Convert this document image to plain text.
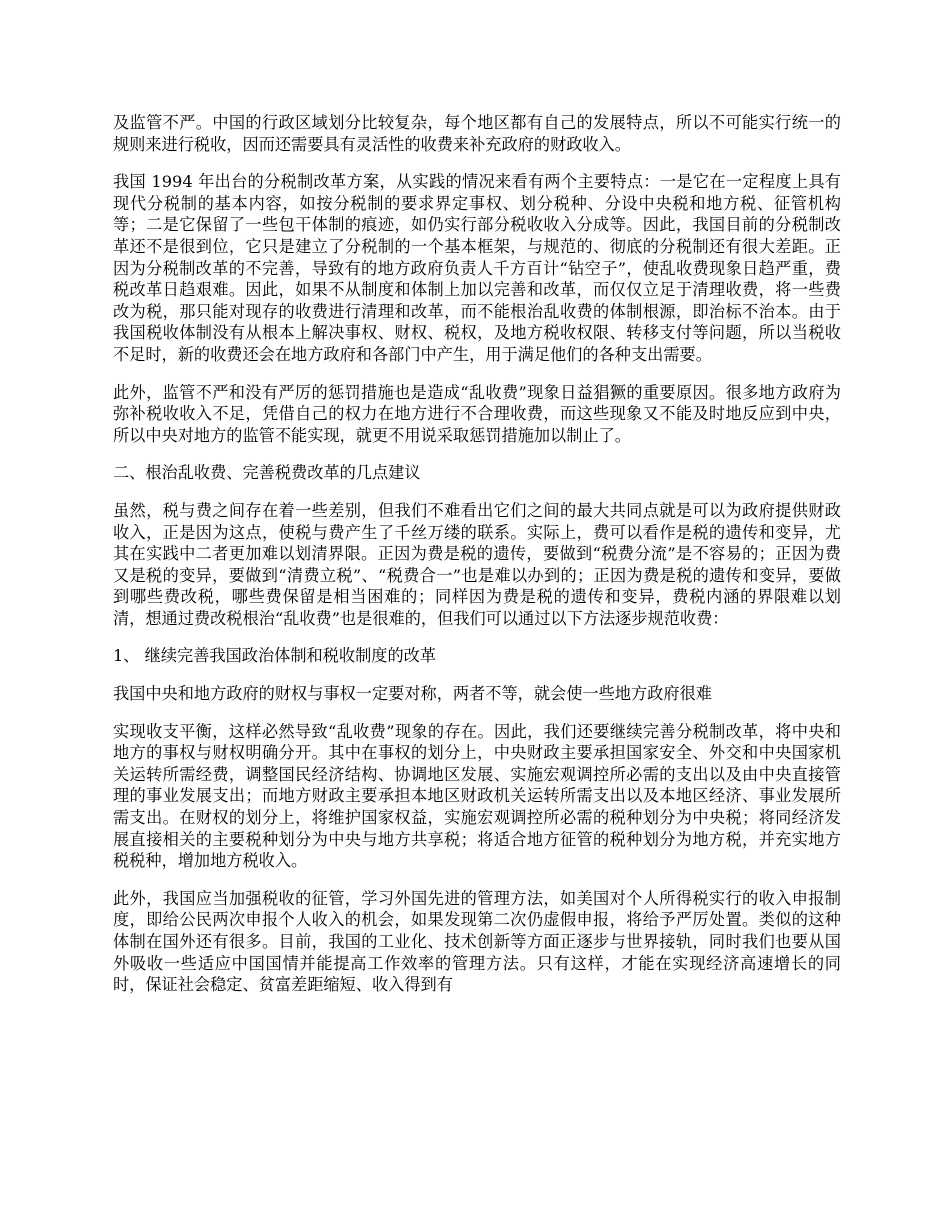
及监管不严。中国的行政区域划分比较复杂，每个地区都有自己的发展特点，所以不可能实行统一的规则来进行税收，因而还需要具有灵活性的收费来补充政府的财政收入。

我国 1994 年出台的分税制改革方案，从实践的情况来看有两个主要特点：一是它在一定程度上具有现代分税制的基本内容，如按分税制的要求界定事权、划分税种、分设中央税和地方税、征管机构等；二是它保留了一些包干体制的痕迹，如仍实行部分税收收入分成等。因此，我国目前的分税制改革还不是很到位，它只是建立了分税制的一个基本框架，与规范的、彻底的分税制还有很大差距。正因为分税制改革的不完善，导致有的地方政府负责人千方百计“钻空子”，使乱收费现象日趋严重，费税改革日趋艰难。因此，如果不从制度和体制上加以完善和改革，而仅仅立足于清理收费，将一些费改为税，那只能对现存的收费进行清理和改革，而不能根治乱收费的体制根源，即治标不治本。由于我国税收体制没有从根本上解决事权、财权、税权，及地方税收权限、转移支付等问题，所以当税收不足时，新的收费还会在地方政府和各部门中产生，用于满足他们的各种支出需要。

此外，监管不严和没有严厉的惩罚措施也是造成“乱收费”现象日益猖獗的重要原因。很多地方政府为弥补税收收入不足，凭借自己的权力在地方进行不合理收费，而这些现象又不能及时地反应到中央，所以中央对地方的监管不能实现，就更不用说采取惩罚措施加以制止了。

二、根治乱收费、完善税费改革的几点建议

虽然，税与费之间存在着一些差别，但我们不难看出它们之间的最大共同点就是可以为政府提供财政收入，正是因为这点，使税与费产生了千丝万缕的联系。实际上，费可以看作是税的遗传和变异，尤其在实践中二者更加难以划清界限。正因为费是税的遗传，要做到“税费分流”是不容易的；正因为费又是税的变异，要做到“清费立税”、“税费合一”也是难以办到的；正因为费是税的遗传和变异，要做到哪些费改税，哪些费保留是相当困难的；同样因为费是税的遗传和变异，费税内涵的界限难以划清，想通过费改税根治“乱收费”也是很难的，但我们可以通过以下方法逐步规范收费：

1、 继续完善我国政治体制和税收制度的改革

我国中央和地方政府的财权与事权一定要对称，两者不等，就会使一些地方政府很难

实现收支平衡，这样必然导致“乱收费”现象的存在。因此，我们还要继续完善分税制改革，将中央和地方的事权与财权明确分开。其中在事权的划分上，中央财政主要承担国家安全、外交和中央国家机关运转所需经费，调整国民经济结构、协调地区发展、实施宏观调控所必需的支出以及由中央直接管理的事业发展支出；而地方财政主要承担本地区财政机关运转所需支出以及本地区经济、事业发展所需支出。在财权的划分上，将维护国家权益，实施宏观调控所必需的税种划分为中央税；将同经济发展直接相关的主要税种划分为中央与地方共享税；将适合地方征管的税种划分为地方税，并充实地方税税种，增加地方税收入。

此外，我国应当加强税收的征管，学习外国先进的管理方法，如美国对个人所得税实行的收入申报制度，即给公民两次申报个人收入的机会，如果发现第二次仍虚假申报，将给予严厉处置。类似的这种体制在国外还有很多。目前，我国的工业化、技术创新等方面正逐步与世界接轨，同时我们也要从国外吸收一些适应中国国情并能提高工作效率的管理方法。只有这样，才能在实现经济高速增长的同时，保证社会稳定、贫富差距缩短、收入得到有
